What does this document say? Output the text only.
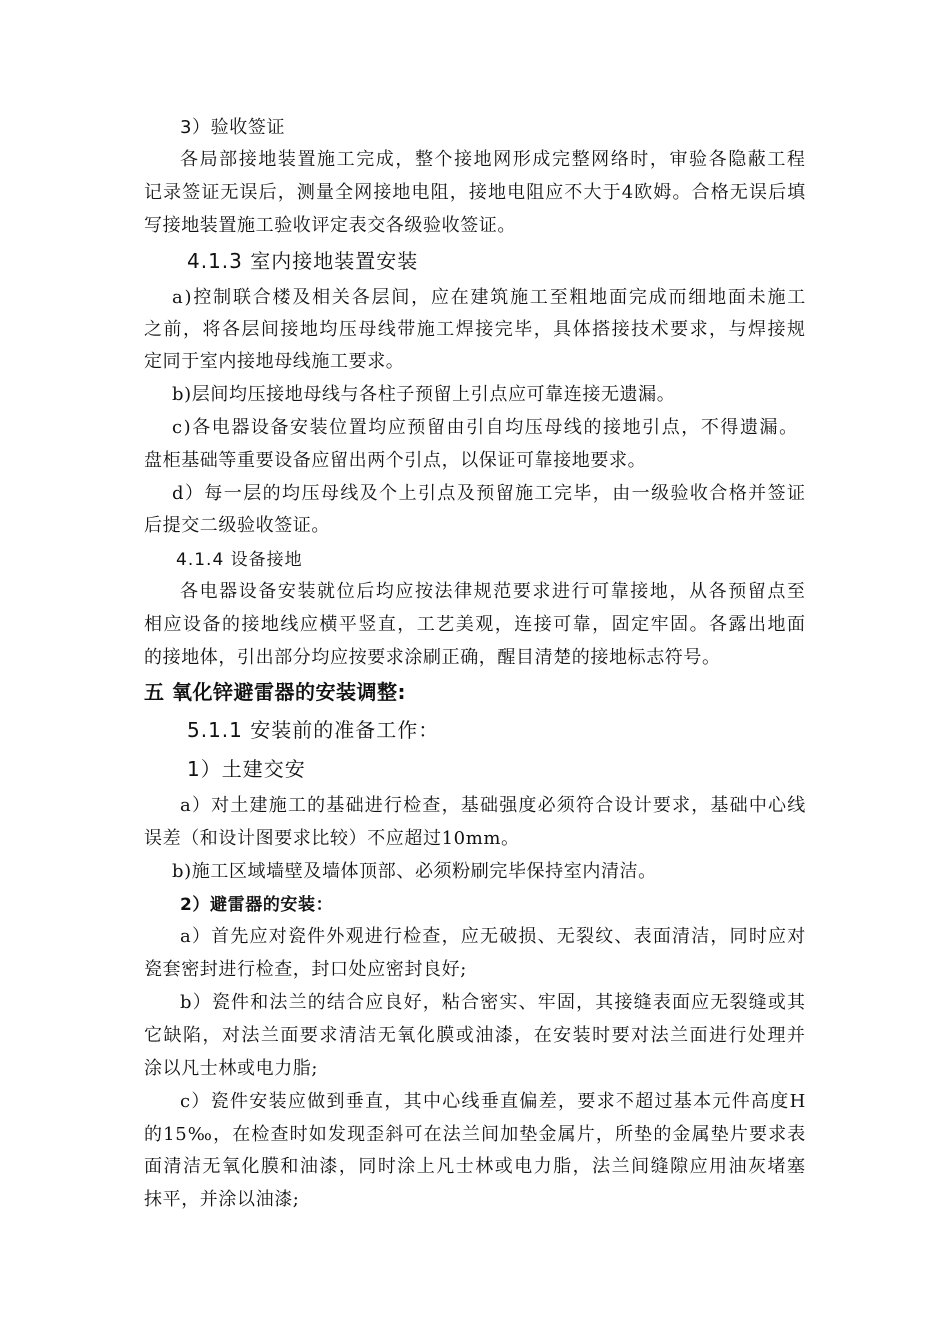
3）验收签证
各 局 部 接 地 装 置 施 工 完 成 ， 整 个 接 地 网 形 成 完 整 网 络 时 ， 审 验 各 隐 蔽 工 程
记 录 签 证 无 误 后 ， 测 量 全 网 接 地 电 阻 ， 接 地 电 阻 应 不 大 于 4 欧 姆 。 合 格 无 误 后 填
写接地装置施工验收评定表交各级验收签证。
4.1.3 室内接地装置安装
a ) 控 制 联 合 楼 及 相 关 各 层 间 ， 应 在 建 筑 施 工 至 粗 地 面 完 成 而 细 地 面 未 施 工
之 前 ， 将 各 层 间 接 地 均 压 母 线 带 施 工 焊 接 完 毕 ， 具 体 搭 接 技 术 要 求 ， 与 焊 接 规
定同于室内接地母线施工要求。
b)层间均压接地母线与各柱子预留上引点应可靠连接无遗漏。
c ) 各 电 器 设 备 安 装 位 置 均 应 预 留 由 引 自 均 压 母 线 的 接 地 引 点 ， 不 得 遗 漏 。
盘柜基础等重要设备应留出两个引点，以保证可靠接地要求。
d ） 每 一 层 的 均 压 母 线 及 个 上 引 点 及 预 留 施 工 完 毕 ， 由 一 级 验 收 合 格 并 签 证
后提交二级验收签证。
4.1.4 设备接地
各 电 器 设 备 安 装 就 位 后 均 应 按 法 律 规 范 要 求 进 行 可 靠 接 地 ， 从 各 预 留 点 至
相 应 设 备 的 接 地 线 应 横 平 竖 直 ， 工 艺 美 观 ， 连 接 可 靠 ， 固 定 牢 固 。 各 露 出 地 面
的接地体，引出部分均应按要求涂刷正确，醒目清楚的接地标志符号。
五 氧化锌避雷器的安装调整:
5.1.1 安装前的准备工作：
1）土建交安
a ） 对 土 建 施 工 的 基 础 进 行 检 查 ， 基 础 强 度 必 须 符 合 设 计 要 求 ， 基 础 中 心 线
误差（和设计图要求比较）不应超过10mm。
b)施工区域墙壁及墙体顶部、必须粉刷完毕保持室内清洁。
2）避雷器的安装：
a ） 首 先 应 对 瓷 件 外 观 进 行 检 查 ， 应 无 破 损 、 无 裂 纹 、 表 面 清 洁 ， 同 时 应 对
瓷套密封进行检查，封口处应密封良好;
b ） 瓷 件 和 法 兰 的 结 合 应 良 好 ， 粘 合 密 实 、 牢 固 ， 其 接 缝 表 面 应 无 裂 缝 或 其
它 缺 陷 ， 对 法 兰 面 要 求 清 洁 无 氧 化 膜 或 油 漆 ， 在 安 装 时 要 对 法 兰 面 进 行 处 理 并
涂以凡士林或电力脂;
c ） 瓷 件 安 装 应 做 到 垂 直 ， 其 中 心 线 垂 直 偏 差 ， 要 求 不 超 过 基 本 元 件 高 度 H
的 15 ‰ ， 在 检 查 时 如 发 现 歪 斜 可 在 法 兰 间 加 垫 金 属 片 ， 所 垫 的 金 属 垫 片 要 求 表
面 清 洁 无 氧 化 膜 和 油 漆 ， 同 时 涂 上 凡 士 林 或 电 力 脂 ， 法 兰 间 缝 隙 应 用 油 灰 堵 塞
抹平，并涂以油漆;
